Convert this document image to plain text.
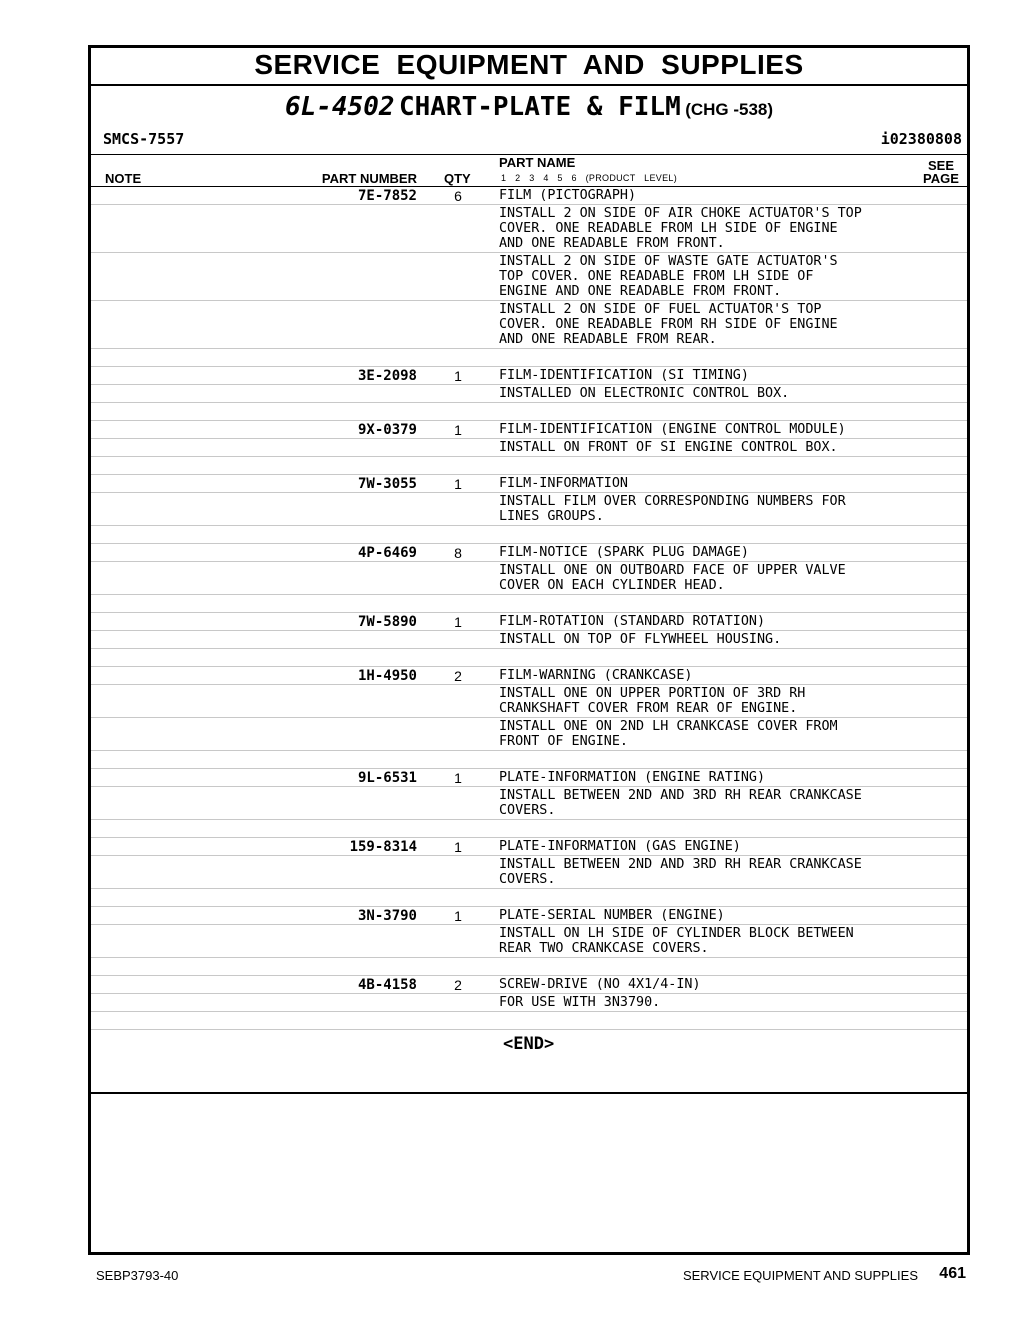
SERVICE EQUIPMENT AND SUPPLIES
6L-4502 CHART-PLATE & FILM (CHG -538)
SMCS-7557	i02380808
NOTE	PART NUMBER QTY
PART NAME
1 2 3 4 5 6 (PRODUCT LEVEL)
SEE
PAGE
7E-7852	6	FILM (PICTOGRAPH)
INSTALL 2 ON SIDE OF AIR CHOKE ACTUATOR'S TOP
COVER. ONE READABLE FROM LH SIDE OF ENGINE
AND ONE READABLE FROM FRONT.
INSTALL 2 ON SIDE OF WASTE GATE ACTUATOR'S
TOP COVER. ONE READABLE FROM LH SIDE OF
ENGINE AND ONE READABLE FROM FRONT.
INSTALL 2 ON SIDE OF FUEL ACTUATOR'S TOP
COVER. ONE READABLE FROM RH SIDE OF ENGINE
AND ONE READABLE FROM REAR.
3E-2098	1	FILM-IDENTIFICATION (SI TIMING)
INSTALLED ON ELECTRONIC CONTROL BOX.
9X-0379	1	FILM-IDENTIFICATION (ENGINE CONTROL MODULE)
INSTALL ON FRONT OF SI ENGINE CONTROL BOX.
7W-3055	1	FILM-INFORMATION
INSTALL FILM OVER CORRESPONDING NUMBERS FOR
LINES GROUPS.
4P-6469	8	FILM-NOTICE (SPARK PLUG DAMAGE)
INSTALL ONE ON OUTBOARD FACE OF UPPER VALVE
COVER ON EACH CYLINDER HEAD.
7W-5890	1	FILM-ROTATION (STANDARD ROTATION)
INSTALL ON TOP OF FLYWHEEL HOUSING.
1H-4950	2	FILM-WARNING (CRANKCASE)
INSTALL ONE ON UPPER PORTION OF 3RD RH
CRANKSHAFT COVER FROM REAR OF ENGINE.
INSTALL ONE ON 2ND LH CRANKCASE COVER FROM
FRONT OF ENGINE.
9L-6531	1	PLATE-INFORMATION (ENGINE RATING)
INSTALL BETWEEN 2ND AND 3RD RH REAR CRANKCASE
COVERS.
159-8314	1	PLATE-INFORMATION (GAS ENGINE)
INSTALL BETWEEN 2ND AND 3RD RH REAR CRANKCASE
COVERS.
3N-3790	1	PLATE-SERIAL NUMBER (ENGINE)
INSTALL ON LH SIDE OF CYLINDER BLOCK BETWEEN
REAR TWO CRANKCASE COVERS.
4B-4158	2	SCREW-DRIVE (NO 4X1/4-IN)
FOR USE WITH 3N3790.
<END>
SEBP3793-40	SERVICE EQUIPMENT AND SUPPLIES 461
